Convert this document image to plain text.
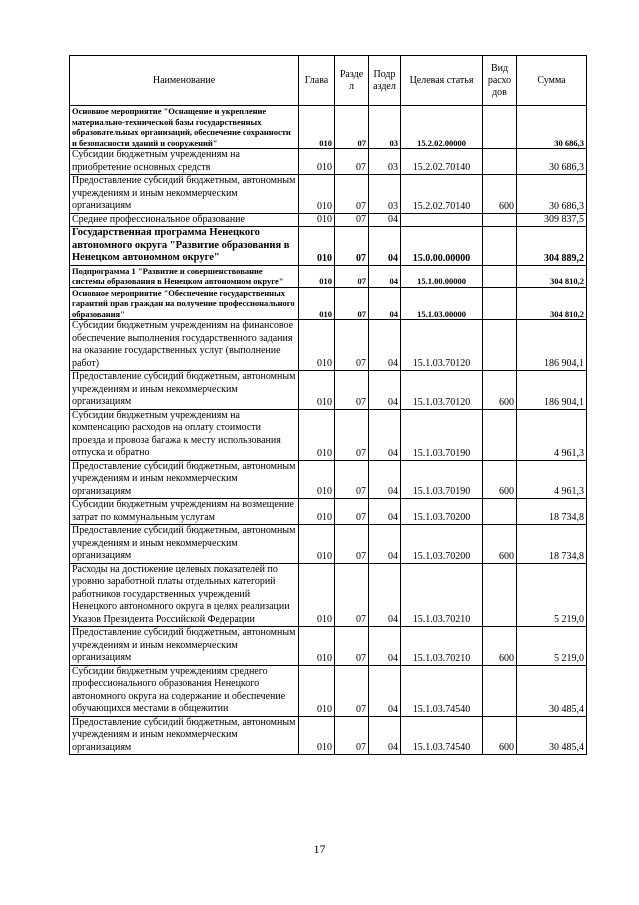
Наименование	Глава	Разде л	Подр аздел	Целевая статья	Вид расхо дов	Сумма
Основное мероприятие "Оснащение и укрепление материально-технической базы государственных образовательных организаций, обеспечение сохранности и безопасности зданий и сооружений"	010	07	03	15.2.02.00000		30 686,3
Субсидии бюджетным учреждениям на приобретение основных средств	010	07	03	15.2.02.70140		30 686,3
Предоставление субсидий бюджетным, автономным учреждениям и иным некоммерческим организациям	010	07	03	15.2.02.70140	600	30 686,3
Среднее профессиональное образование	010	07	04			309 837,5
Государственная программа Ненецкого автономного округа "Развитие образования в Ненецком автономном округе"	010	07	04	15.0.00.00000		304 889,2
Подпрограмма 1 "Развитие и совершенствование системы образования в Ненецком автономном округе"	010	07	04	15.1.00.00000		304 810,2
Основное мероприятие "Обеспечение государственных гарантий прав граждан на получение профессионального образования"	010	07	04	15.1.03.00000		304 810,2
Субсидии бюджетным учреждениям на финансовое обеспечение выполнения государственного задания на оказание государственных услуг (выполнение работ)	010	07	04	15.1.03.70120		186 904,1
Предоставление субсидий бюджетным, автономным учреждениям и иным некоммерческим организациям	010	07	04	15.1.03.70120	600	186 904,1
Субсидии бюджетным учреждениям на компенсацию расходов на оплату стоимости проезда и провоза багажа к месту использования отпуска и обратно	010	07	04	15.1.03.70190		4 961,3
Предоставление субсидий бюджетным, автономным учреждениям и иным некоммерческим организациям	010	07	04	15.1.03.70190	600	4 961,3
Субсидии бюджетным учреждениям на возмещение затрат по коммунальным услугам	010	07	04	15.1.03.70200		18 734,8
Предоставление субсидий бюджетным, автономным учреждениям и иным некоммерческим организациям	010	07	04	15.1.03.70200	600	18 734,8
Расходы на достижение целевых показателей по уровню заработной платы отдельных категорий работников государственных учреждений Ненецкого автономного округа в целях реализации Указов Президента Российской Федерации	010	07	04	15.1.03.70210		5 219,0
Предоставление субсидий бюджетным, автономным учреждениям и иным некоммерческим организациям	010	07	04	15.1.03.70210	600	5 219,0
Субсидии бюджетным учреждениям среднего профессионального образования Ненецкого автономного округа на содержание и обеспечение обучающихся местами в общежитии	010	07	04	15.1.03.74540		30 485,4
Предоставление субсидий бюджетным, автономным учреждениям и иным некоммерческим организациям	010	07	04	15.1.03.74540	600	30 485,4
17
